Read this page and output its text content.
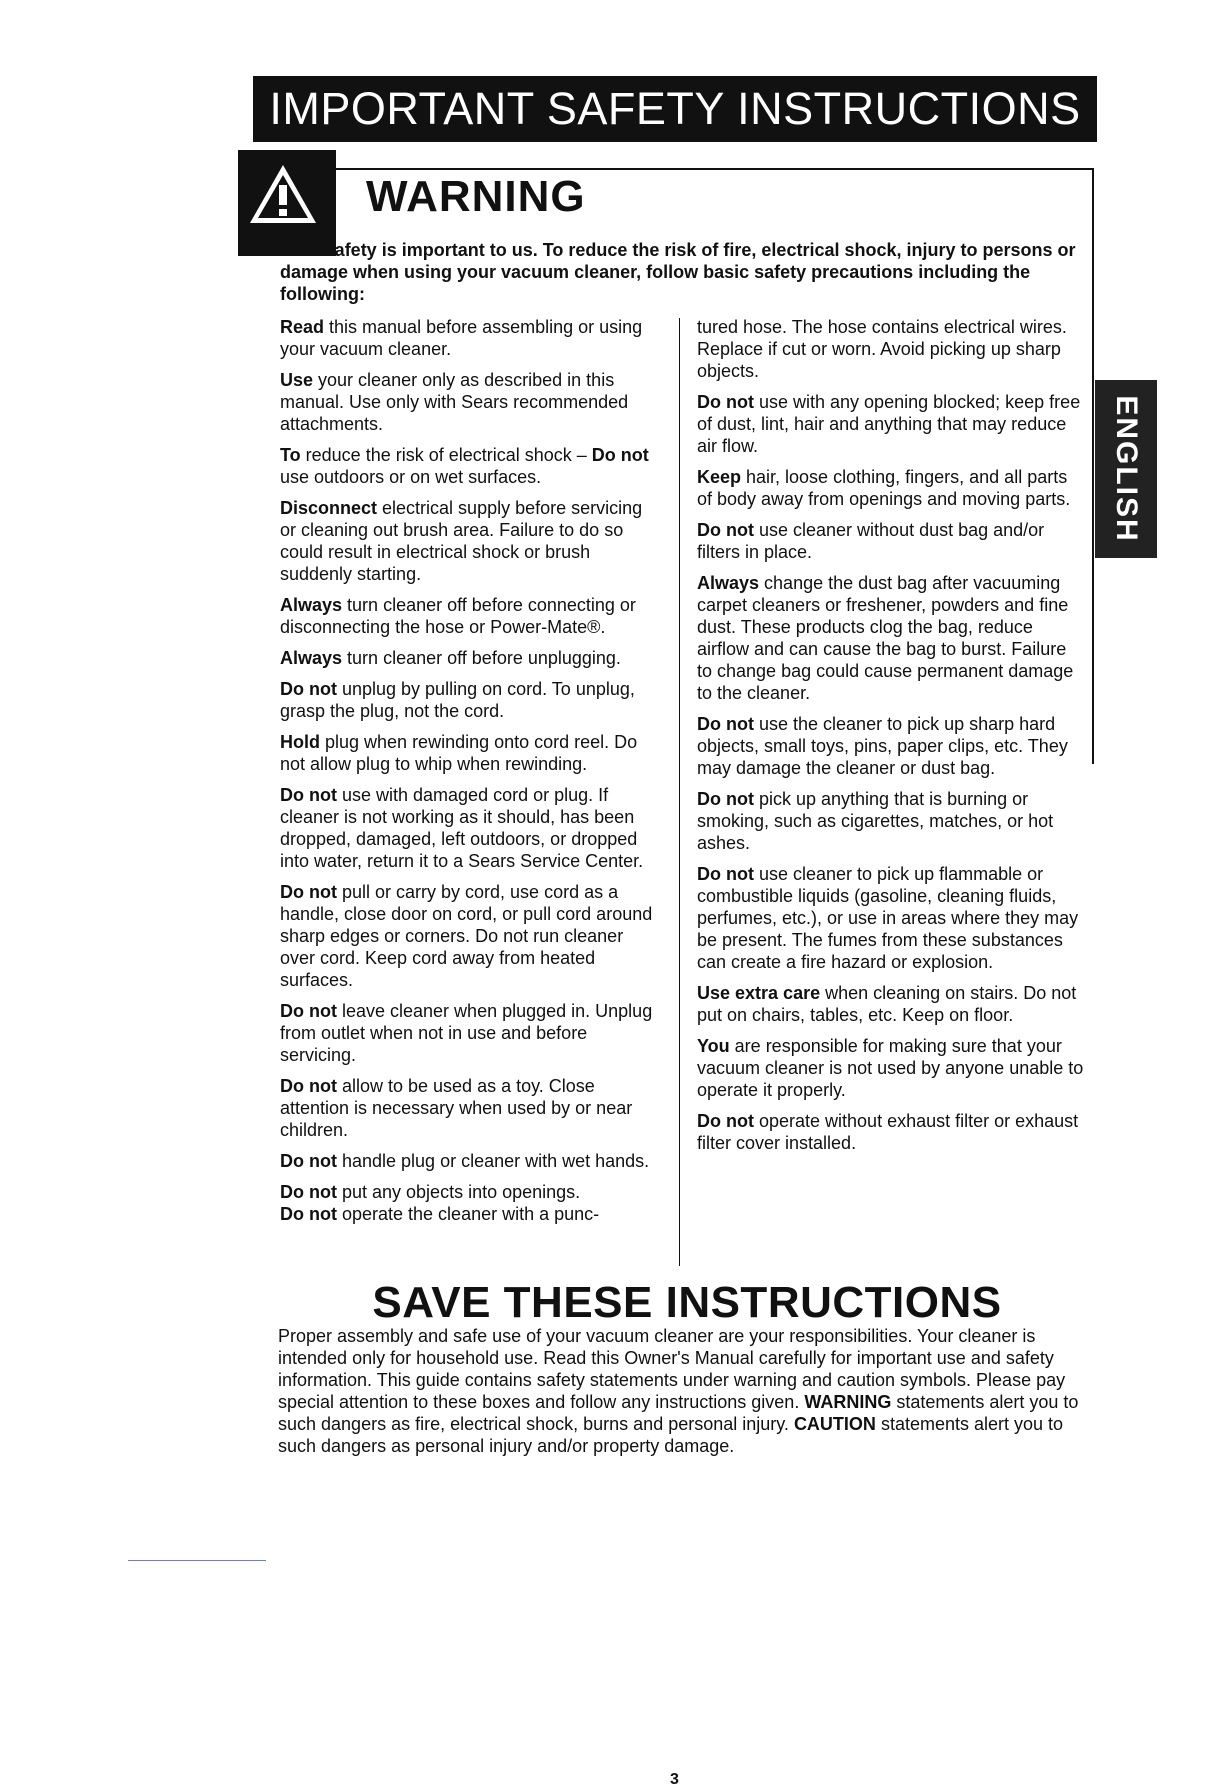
IMPORTANT SAFETY INSTRUCTIONS
WARNING
Your safety is important to us. To reduce the risk of fire, electrical shock, injury to persons or damage when using your vacuum cleaner, follow basic safety precautions including the following:

Read this manual before assembling or using your vacuum cleaner.

Use your cleaner only as described in this manual. Use only with Sears recommended attachments.

To reduce the risk of electrical shock – Do not use outdoors or on wet surfaces.

Disconnect electrical supply before servicing or cleaning out brush area. Failure to do so could result in electrical shock or brush suddenly starting.

Always turn cleaner off before connecting or disconnecting the hose or Power-Mate®.

Always turn cleaner off before unplugging.

Do not unplug by pulling on cord. To unplug, grasp the plug, not the cord.

Hold plug when rewinding onto cord reel. Do not allow plug to whip when rewinding.

Do not use with damaged cord or plug. If cleaner is not working as it should, has been dropped, damaged, left outdoors, or dropped into water, return it to a Sears Service Center.

Do not pull or carry by cord, use cord as a handle, close door on cord, or pull cord around sharp edges or corners. Do not run cleaner over cord. Keep cord away from heated surfaces.

Do not leave cleaner when plugged in. Unplug from outlet when not in use and before servicing.

Do not allow to be used as a toy. Close attention is necessary when used by or near children.

Do not handle plug or cleaner with wet hands.

Do not put any objects into openings.
Do not operate the cleaner with a punc-

tured hose. The hose contains electrical wires. Replace if cut or worn. Avoid picking up sharp objects.

Do not use with any opening blocked; keep free of dust, lint, hair and anything that may reduce air flow.

Keep hair, loose clothing, fingers, and all parts of body away from openings and moving parts.

Do not use cleaner without dust bag and/or filters in place.

Always change the dust bag after vacuuming carpet cleaners or freshener, powders and fine dust. These products clog the bag, reduce airflow and can cause the bag to burst. Failure to change bag could cause permanent damage to the cleaner.

Do not use the cleaner to pick up sharp hard objects, small toys, pins, paper clips, etc. They may damage the cleaner or dust bag.

Do not pick up anything that is burning or smoking, such as cigarettes, matches, or hot ashes.

Do not use cleaner to pick up flammable or combustible liquids (gasoline, cleaning fluids, perfumes, etc.), or use in areas where they may be present. The fumes from these substances can create a fire hazard or explosion.

Use extra care when cleaning on stairs. Do not put on chairs, tables, etc. Keep on floor.

You are responsible for making sure that your vacuum cleaner is not used by anyone unable to operate it properly.

Do not operate without exhaust filter or exhaust filter cover installed.

ENGLISH
SAVE THESE INSTRUCTIONS
Proper assembly and safe use of your vacuum cleaner are your responsibilities. Your cleaner is intended only for household use. Read this Owner's Manual carefully for important use and safety information. This guide contains safety statements under warning and caution symbols. Please pay special attention to these boxes and follow any instructions given. WARNING statements alert you to such dangers as fire, electrical shock, burns and personal injury. CAUTION statements alert you to such dangers as personal injury and/or property damage.
3
